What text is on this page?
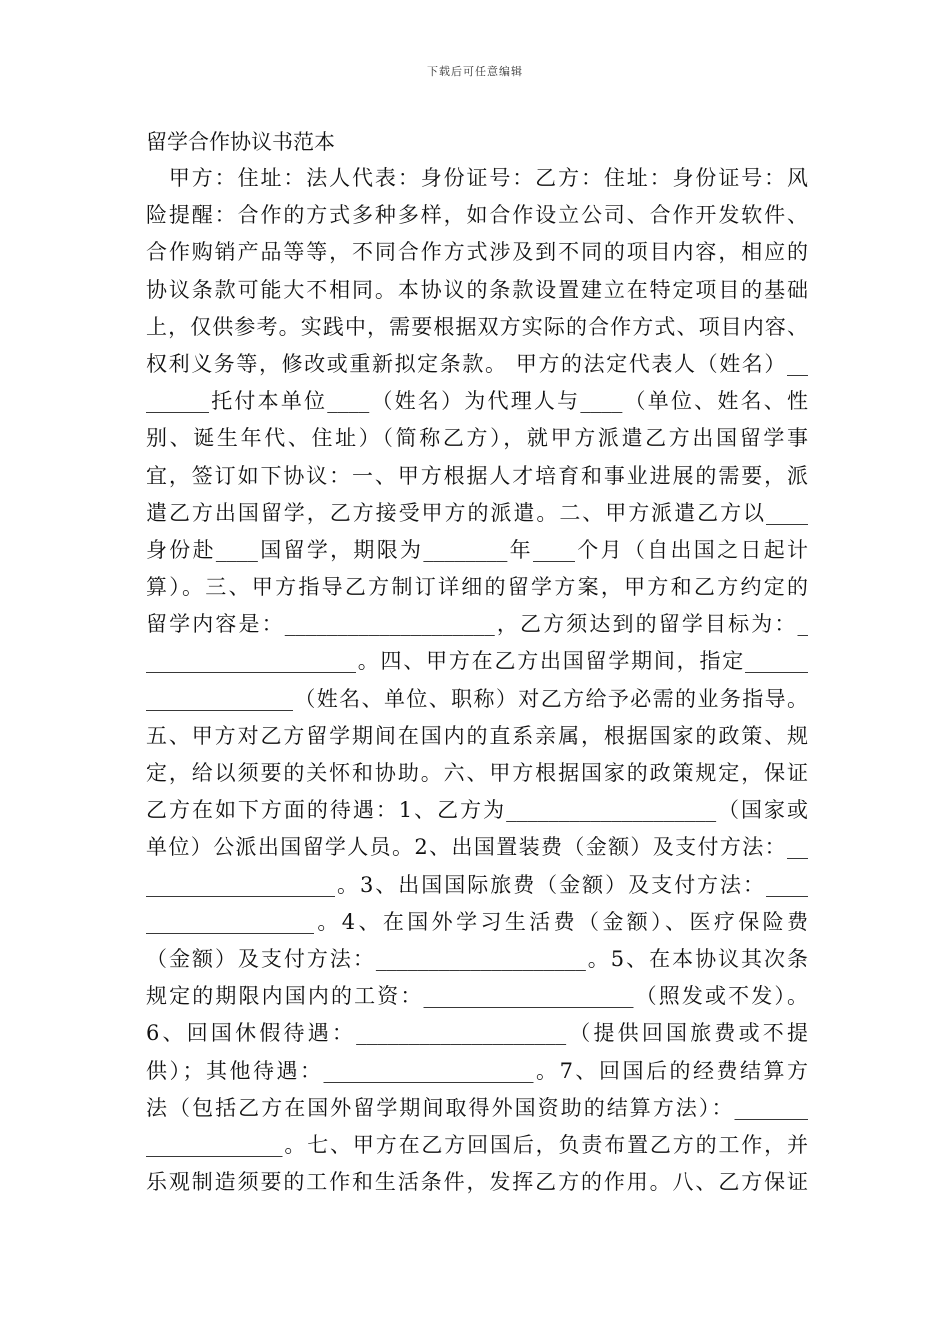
下载后可任意编辑
留学合作协议书范本
　甲方：住址：法人代表：身份证号：乙方：住址：身份证号：风
险提醒：合作的方式多种多样，如合作设立公司、合作开发软件、
合作购销产品等等，不同合作方式涉及到不同的项目内容，相应的
协议条款可能大不相同。本协议的条款设置建立在特定项目的基础
上，仅供参考。实践中，需要根据双方实际的合作方式、项目内容、
权利义务等，修改或重新拟定条款。 甲方的法定代表人（姓名）__
______托付本单位____（姓名）为代理人与____（单位、姓名、性
别、诞生年代、住址）（简称乙方），就甲方派遣乙方出国留学事
宜，签订如下协议：一、甲方根据人才培育和事业进展的需要，派
遣乙方出国留学，乙方接受甲方的派遣。二、甲方派遣乙方以____
身份赴____国留学，期限为________年____个月（自出国之日起计
算）。三、甲方指导乙方制订详细的留学方案，甲方和乙方约定的
留学内容是：____________________，乙方须达到的留学目标为：_
____________________。四、甲方在乙方出国留学期间，指定______
______________（姓名、单位、职称）对乙方给予必需的业务指导。
五、甲方对乙方留学期间在国内的直系亲属，根据国家的政策、规
定，给以须要的关怀和协助。六、甲方根据国家的政策规定，保证
乙方在如下方面的待遇：1、乙方为____________________（国家或
单位）公派出国留学人员。2、出国置装费（金额）及支付方法：__
__________________。3、出国国际旅费（金额）及支付方法：____
________________。4、在国外学习生活费（金额）、医疗保险费
（金额）及支付方法：____________________。5、在本协议其次条
规定的期限内国内的工资：____________________（照发或不发）。
6、回国休假待遇：____________________（提供回国旅费或不提
供）；其他待遇：____________________。7、回国后的经费结算方
法（包括乙方在国外留学期间取得外国资助的结算方法）：_______
_____________。七、甲方在乙方回国后，负责布置乙方的工作，并
乐观制造须要的工作和生活条件，发挥乙方的作用。八、乙方保证
